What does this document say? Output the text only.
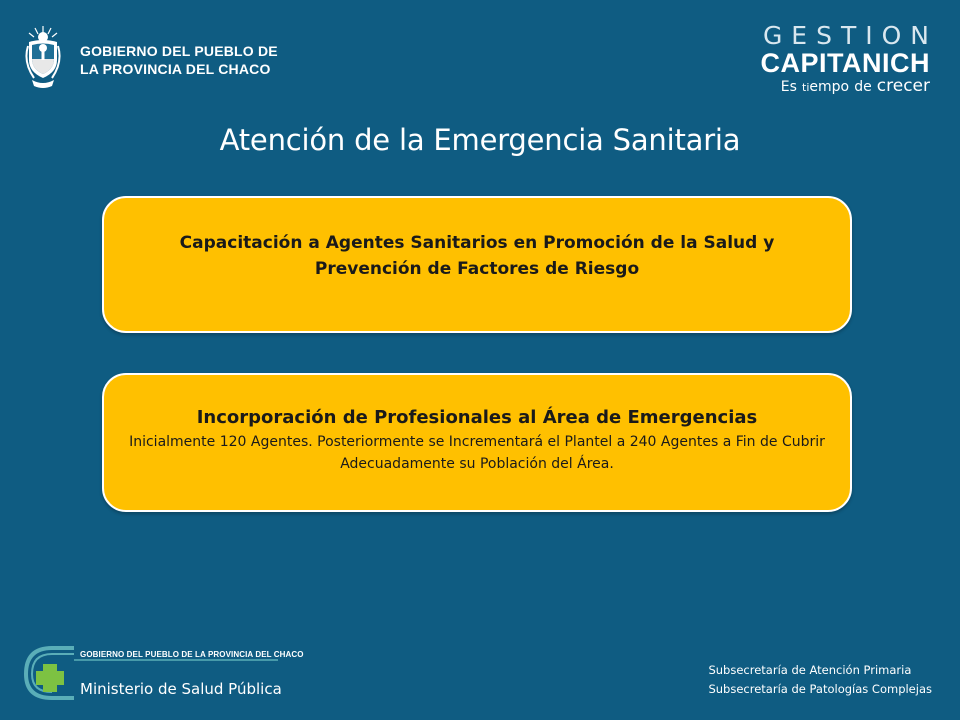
GOBIERNO DEL PUEBLO DE
LA PROVINCIA DEL CHACO
GESTION
CAPITANICH
Es tiempo de crecer
Atención de la Emergencia Sanitaria
Capacitación a Agentes Sanitarios en Promoción de la Salud y Prevención de Factores de Riesgo
Incorporación de Profesionales al Área de Emergencias
Inicialmente 120 Agentes. Posteriormente se Incrementará el Plantel a 240 Agentes a Fin de Cubrir Adecuadamente su Población del Área.
GOBIERNO DEL PUEBLO DE LA PROVINCIA DEL CHACO
Ministerio de Salud Pública
Subsecretaría de Atención Primaria
Subsecretaría de Patologías Complejas
